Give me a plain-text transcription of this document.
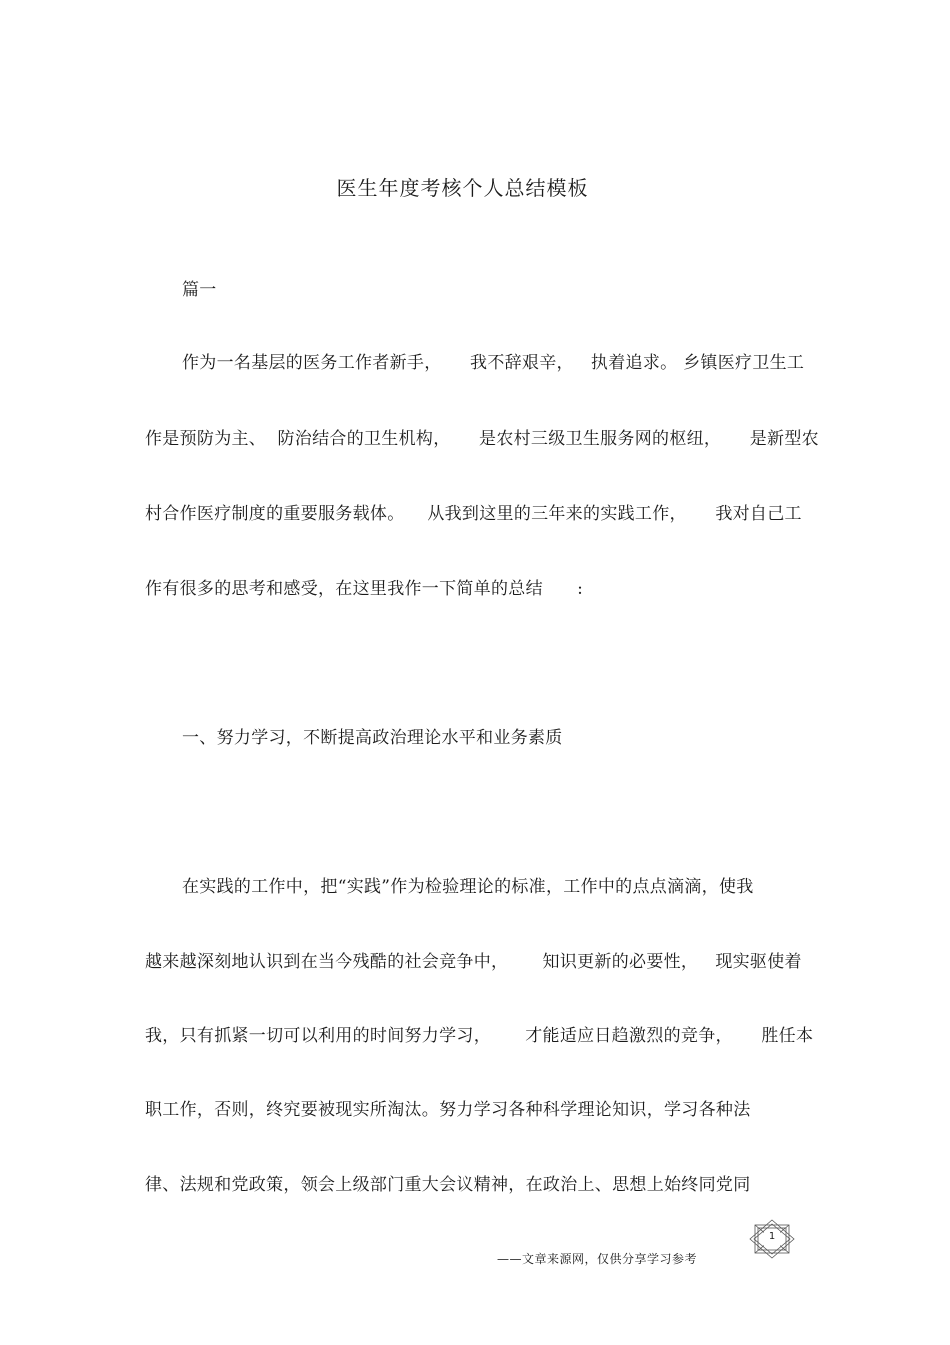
医生年度考核个人总结模板
篇一
作为一名基层的医务工作者新手，     我不辞艰辛，   执着追求。 乡镇医疗卫生工
作是预防为主、  防治结合的卫生机构，     是农村三级卫生服务网的枢纽，     是新型农
村合作医疗制度的重要服务载体。    从我到这里的三年来的实践工作，     我对自己工
作有很多的思考和感受，在这里我作一下简单的总结      :
一、努力学习，不断提高政治理论水平和业务素质
在实践的工作中，把“实践”作为检验理论的标准，工作中的点点滴滴，使我
越来越深刻地认识到在当今残酷的社会竞争中，      知识更新的必要性，   现实驱使着
我，只有抓紧一切可以利用的时间努力学习，      才能适应日趋激烈的竞争，     胜任本
职工作，否则，终究要被现实所淘汰。努力学习各种科学理论知识，学习各种法
律、法规和党政策，领会上级部门重大会议精神，在政治上、思想上始终同党同
1
——文章来源网，仅供分享学习参考
